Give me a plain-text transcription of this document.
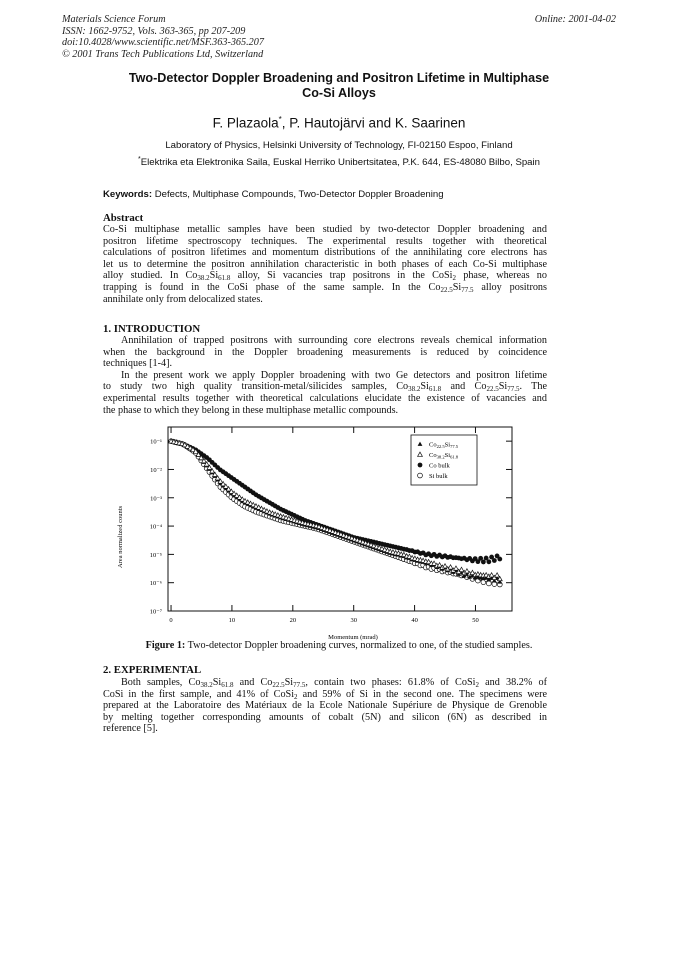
Materials Science Forum
ISSN: 1662-9752, Vols. 363-365, pp 207-209
doi:10.4028/www.scientific.net/MSF.363-365.207
© 2001 Trans Tech Publications Ltd, Switzerland
Online: 2001-04-02
Two-Detector Doppler Broadening and Positron Lifetime in Multiphase
Co-Si Alloys
F. Plazaola*, P. Hautojärvi and K. Saarinen
Laboratory of Physics, Helsinki University of Technology, FI-02150 Espoo, Finland
*Elektrika eta Elektronika Saila, Euskal Herriko Unibertsitatea, P.K. 644, ES-48080 Bilbo, Spain
Keywords: Defects, Multiphase Compounds, Two-Detector Doppler Broadening
Abstract
Co-Si multiphase metallic samples have been studied by two-detector Doppler broadening and
positron lifetime spectroscopy techniques. The experimental results together with theoretical
calculations of positron lifetimes and momentum distributions of the annihilating core electrons has
let us to determine the positron annihilation characteristic in both phases of each Co-Si multiphase
alloy studied. In $Co_{38.2}Si_{61.8}$ alloy, Si vacancies trap positrons in the CoSi$_2$ phase, whereas no
trapping is found in the CoSi phase of the same sample. In the $Co_{22.5}Si_{77.5}$ alloy positrons
annihilate only from delocalized states.
1. INTRODUCTION
Annihilation of trapped positrons with surrounding core electrons reveals chemical information
when the background in the Doppler broadening measurements is reduced by coincidence
techniques [1-4].
In the present work we apply Doppler broadening with two Ge detectors and positron lifetime
to study two high quality transition-metal/silicides samples, $Co_{38.2}Si_{61.8}$ and $Co_{22.5}Si_{77.5}$. The
experimental results together with theoretical calculations elucidate the existence of vacancies and
the phase to which they belong in these multiphase metallic compounds.
10⁻¹
10⁻²
10⁻³
10⁻⁴
10⁻⁵
10⁻⁶
10⁻⁷
0	10	20	30	40	50
$Co_{22.5}Si_{77.5}$
$Co_{38.2}Si_{61.8}$
Co bulk
Si bulk
Momentum (mrad)
Area normalized counts
Figure 1: Two-detector Doppler broadening curves, normalized to one, of the studied samples.
2. EXPERIMENTAL
Both samples, $Co_{38.2}Si_{61.8}$ and $Co_{22.5}Si_{77.5}$, contain two phases: 61.8% of CoSi$_2$ and 38.2% of
CoSi in the first sample, and 41% of CoSi$_2$ and 59% of Si in the second one. The specimens were
prepared at the Laboratoire des Matériaux de la Ecole Nationale Supériure de Physique de Grenoble
by melting together corresponding amounts of cobalt (5N) and silicon (6N) as described in
reference [5].
